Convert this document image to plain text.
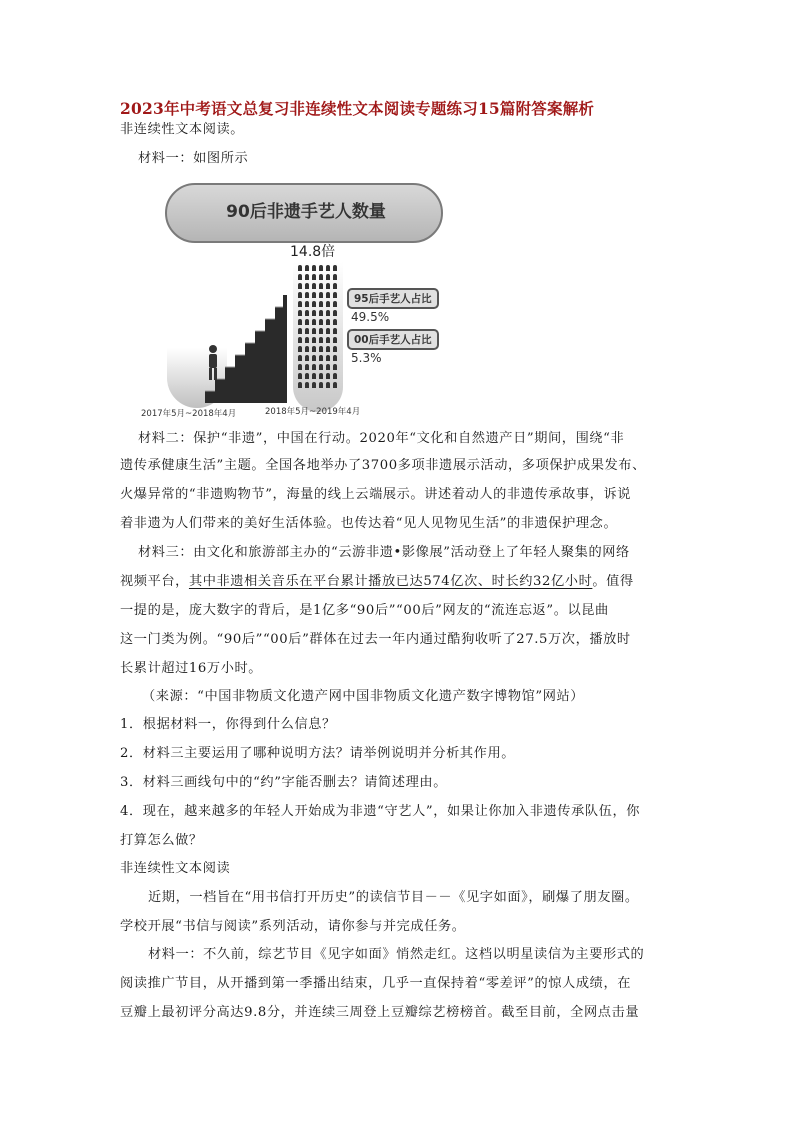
2023年中考语文总复习非连续性文本阅读专题练习15篇附答案解析
非连续性文本阅读。
材料一：如图所示
90后非遗手艺人数量
14.8倍
95后手艺人占比
49.5%
00后手艺人占比
5.3%
2017年5月~2018年4月	2018年5月~2019年4月
材料二：保护“非遗”，中国在行动。2020年“文化和自然遗产日”期间，围绕“非
遗传承健康生活”主题。全国各地举办了3700多项非遗展示活动，多项保护成果发布、
火爆异常的“非遗购物节”，海量的线上云端展示。讲述着动人的非遗传承故事，诉说
着非遗为人们带来的美好生活体验。也传达着“见人见物见生活”的非遗保护理念。
材料三：由文化和旅游部主办的“云游非遗•影像展”活动登上了年轻人聚集的网络
视频平台，其中非遗相关音乐在平台累计播放已达574亿次、时长约32亿小时。值得
一提的是，庞大数字的背后，是1亿多“90后”“00后”网友的“流连忘返”。以昆曲
这一门类为例。“90后”“00后”群体在过去一年内通过酷狗收听了27.5万次，播放时
长累计超过16万小时。
（来源：“中国非物质文化遗产网中国非物质文化遗产数字博物馆”网站）
1．根据材料一，你得到什么信息？
2．材料三主要运用了哪种说明方法？请举例说明并分析其作用。
3．材料三画线句中的“约”字能否删去？请简述理由。
4．现在，越来越多的年轻人开始成为非遗“守艺人”，如果让你加入非遗传承队伍，你
打算怎么做？
非连续性文本阅读
近期，一档旨在“用书信打开历史”的读信节目－－《见字如面》，刷爆了朋友圈。
学校开展“书信与阅读”系列活动，请你参与并完成任务。
材料一：不久前，综艺节目《见字如面》悄然走红。这档以明星读信为主要形式的
阅读推广节目，从开播到第一季播出结束，几乎一直保持着“零差评”的惊人成绩，在
豆瓣上最初评分高达9.8分，并连续三周登上豆瓣综艺榜榜首。截至目前，全网点击量
